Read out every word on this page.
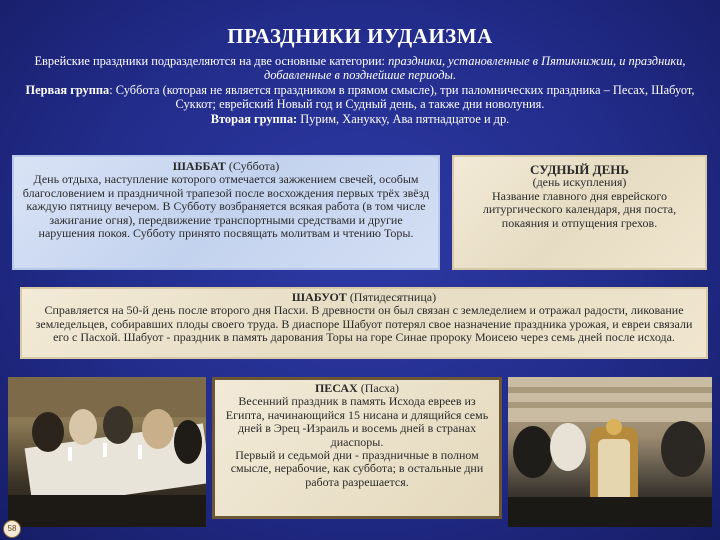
ПРАЗДНИКИ ИУДАИЗМА
Еврейские праздники подразделяются на две основные категории: праздники, установленные в Пятикнижии, и праздники, добавленные в позднейшие периоды.
Первая группа: Суббота (которая не является праздником в прямом смысле), три паломнических праздника – Песах, Шабуот, Суккот; еврейский Новый год и Судный день, а также дни новолуния.
Вторая группа: Пурим, Ханукку, Ава пятнадцатое и др.
ШАББАТ (Суббота)
День отдыха, наступление которого отмечается зажжением свечей, особым благословением и праздничной трапезой после восхождения первых трёх звёзд каждую пятницу вечером. В Субботу возбраняется всякая работа (в том числе зажигание огня), передвижение транспортными средствами и другие нарушения покоя. Субботу принято посвящать молитвам и чтению Торы.
СУДНЫЙ ДЕНЬ
(день искупления)
Название главного дня еврейского литургического календаря, дня поста, покаяния и отпущения грехов.
ШАБУОТ (Пятидесятница)
Справляется на 50-й день после второго дня Пасхи. В древности он был связан с земледелием и отражал радости, ликование земледельцев, собиравших плоды своего труда. В диаспоре Шабуот потерял свое назначение праздника урожая, и евреи связали его с Пасхой. Шабуот - праздник в память дарования Торы на горе Синае пророку Моисею через семь дней после исхода.
ПЕСАХ (Пасха)
Весенний праздник в память Исхода евреев из Египта, начинающийся 15 нисана и длящийся семь дней в Эрец -Израиль и восемь дней в странах диаспоры.
Первый и седьмой дни - праздничные в полном смысле, нерабочие, как суббота; в остальные дни работа разрешается.
58
